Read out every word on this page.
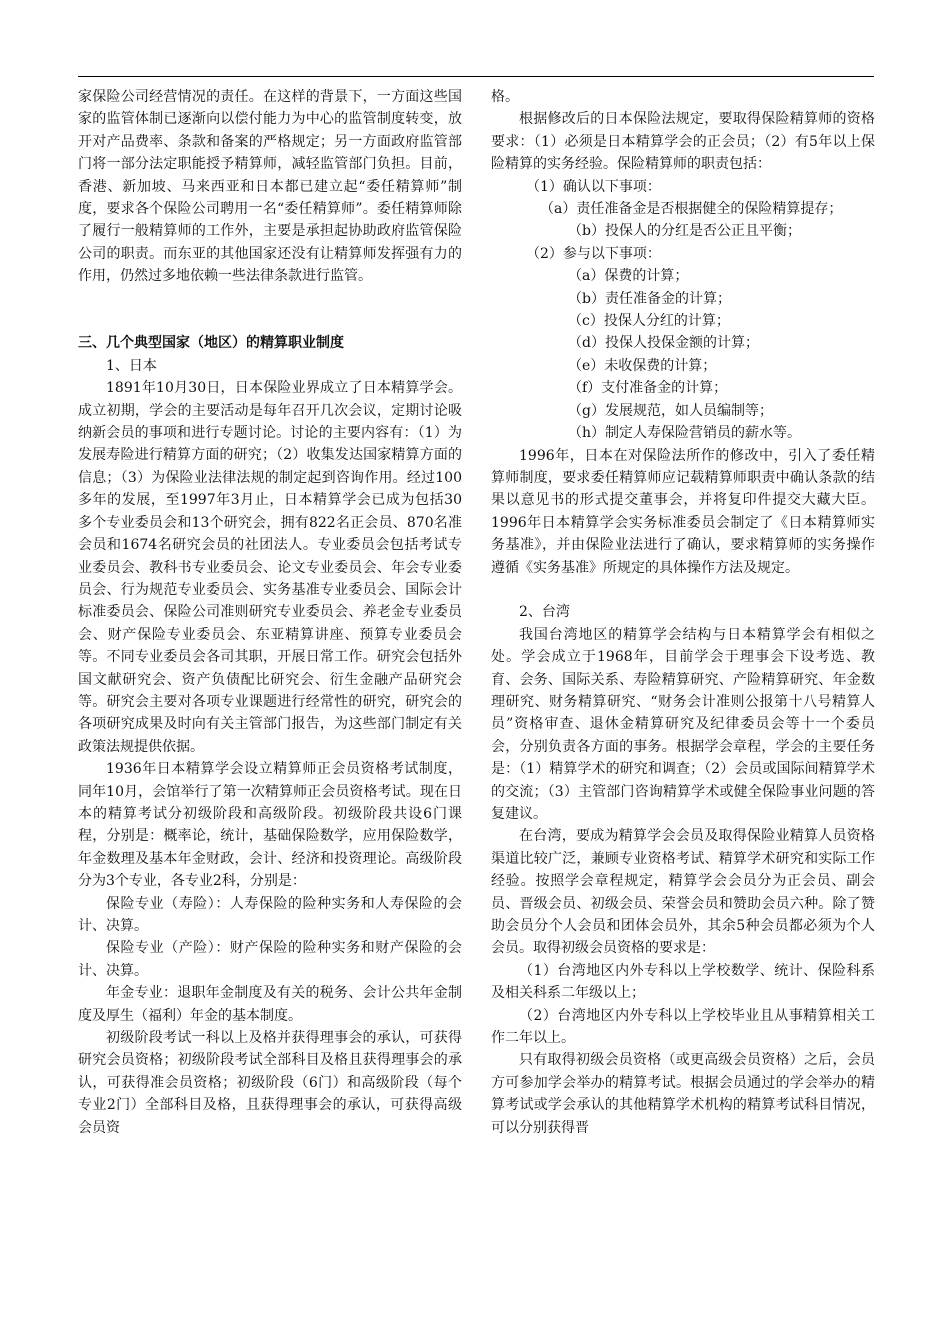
家保险公司经营情况的责任。在这样的背景下，一方面这些国家的监管体制已逐渐向以偿付能力为中心的监管制度转变，放开对产品费率、条款和备案的严格规定；另一方面政府监管部门将一部分法定职能授予精算师，减轻监管部门负担。目前，香港、新加坡、马来西亚和日本都已建立起“委任精算师”制度，要求各个保险公司聘用一名“委任精算师”。委任精算师除了履行一般精算师的工作外，主要是承担起协助政府监管保险公司的职责。而东亚的其他国家还没有让精算师发挥强有力的作用，仍然过多地依赖一些法律条款进行监管。

三、几个典型国家（地区）的精算职业制度

1、日本

1891年10月30日，日本保险业界成立了日本精算学会。成立初期，学会的主要活动是每年召开几次会议，定期讨论吸纳新会员的事项和进行专题讨论。讨论的主要内容有：（1）为发展寿险进行精算方面的研究；（2）收集发达国家精算方面的信息；（3）为保险业法律法规的制定起到咨询作用。经过100多年的发展，至1997年3月止，日本精算学会已成为包括30多个专业委员会和13个研究会，拥有822名正会员、870名准会员和1674名研究会员的社团法人。专业委员会包括考试专业委员会、教科书专业委员会、论文专业委员会、年会专业委员会、行为规范专业委员会、实务基准专业委员会、国际会计标准委员会、保险公司准则研究专业委员会、养老金专业委员会、财产保险专业委员会、东亚精算讲座、预算专业委员会等。不同专业委员会各司其职，开展日常工作。研究会包括外国文献研究会、资产负债配比研究会、衍生金融产品研究会等。研究会主要对各项专业课题进行经常性的研究，研究会的各项研究成果及时向有关主管部门报告，为这些部门制定有关政策法规提供依据。

1936年日本精算学会设立精算师正会员资格考试制度，同年10月，会馆举行了第一次精算师正会员资格考试。现在日本的精算考试分初级阶段和高级阶段。初级阶段共设6门课程，分别是：概率论，统计，基础保险数学，应用保险数学，年金数理及基本年金财政，会计、经济和投资理论。高级阶段分为3个专业，各专业2科，分别是：

保险专业（寿险）：人寿保险的险种实务和人寿保险的会计、决算。

保险专业（产险）：财产保险的险种实务和财产保险的会计、决算。

年金专业：退职年金制度及有关的税务、会计公共年金制度及厚生（福利）年金的基本制度。

初级阶段考试一科以上及格并获得理事会的承认，可获得研究会员资格；初级阶段考试全部科目及格且获得理事会的承认，可获得准会员资格；初级阶段（6门）和高级阶段（每个专业2门）全部科目及格，且获得理事会的承认，可获得高级会员资

格。

根据修改后的日本保险法规定，要取得保险精算师的资格要求：（1）必须是日本精算学会的正会员；（2）有5年以上保险精算的实务经验。保险精算师的职责包括：

（1）确认以下事项：

（a）责任准备金是否根据健全的保险精算提存；

（b）投保人的分红是否公正且平衡；

（2）参与以下事项：

（a）保费的计算；

（b）责任准备金的计算；

（c）投保人分红的计算；

（d）投保人投保金额的计算；

（e）未收保费的计算；

（f）支付准备金的计算；

（g）发展规范，如人员编制等；

（h）制定人寿保险营销员的薪水等。

1996年，日本在对保险法所作的修改中，引入了委任精算师制度，要求委任精算师应记载精算师职责中确认条款的结果以意见书的形式提交董事会，并将复印件提交大藏大臣。1996年日本精算学会实务标准委员会制定了《日本精算师实务基准》，并由保险业法进行了确认，要求精算师的实务操作遵循《实务基准》所规定的具体操作方法及规定。

2、台湾

我国台湾地区的精算学会结构与日本精算学会有相似之处。学会成立于1968年，目前学会于理事会下设考选、教育、会务、国际关系、寿险精算研究、产险精算研究、年金数理研究、财务精算研究、“财务会计准则公报第十八号精算人员”资格审查、退休金精算研究及纪律委员会等十一个委员会，分别负责各方面的事务。根据学会章程，学会的主要任务是：（1）精算学术的研究和调查；（2）会员或国际间精算学术的交流；（3）主管部门咨询精算学术或健全保险事业问题的答复建议。

在台湾，要成为精算学会会员及取得保险业精算人员资格渠道比较广泛，兼顾专业资格考试、精算学术研究和实际工作经验。按照学会章程规定，精算学会会员分为正会员、副会员、晋级会员、初级会员、荣誉会员和赞助会员六种。除了赞助会员分个人会员和团体会员外，其余5种会员都必须为个人会员。取得初级会员资格的要求是：

（1）台湾地区内外专科以上学校数学、统计、保险科系及相关科系二年级以上；

（2）台湾地区内外专科以上学校毕业且从事精算相关工作二年以上。

只有取得初级会员资格（或更高级会员资格）之后，会员方可参加学会举办的精算考试。根据会员通过的学会举办的精算考试或学会承认的其他精算学术机构的精算考试科目情况，可以分别获得晋
